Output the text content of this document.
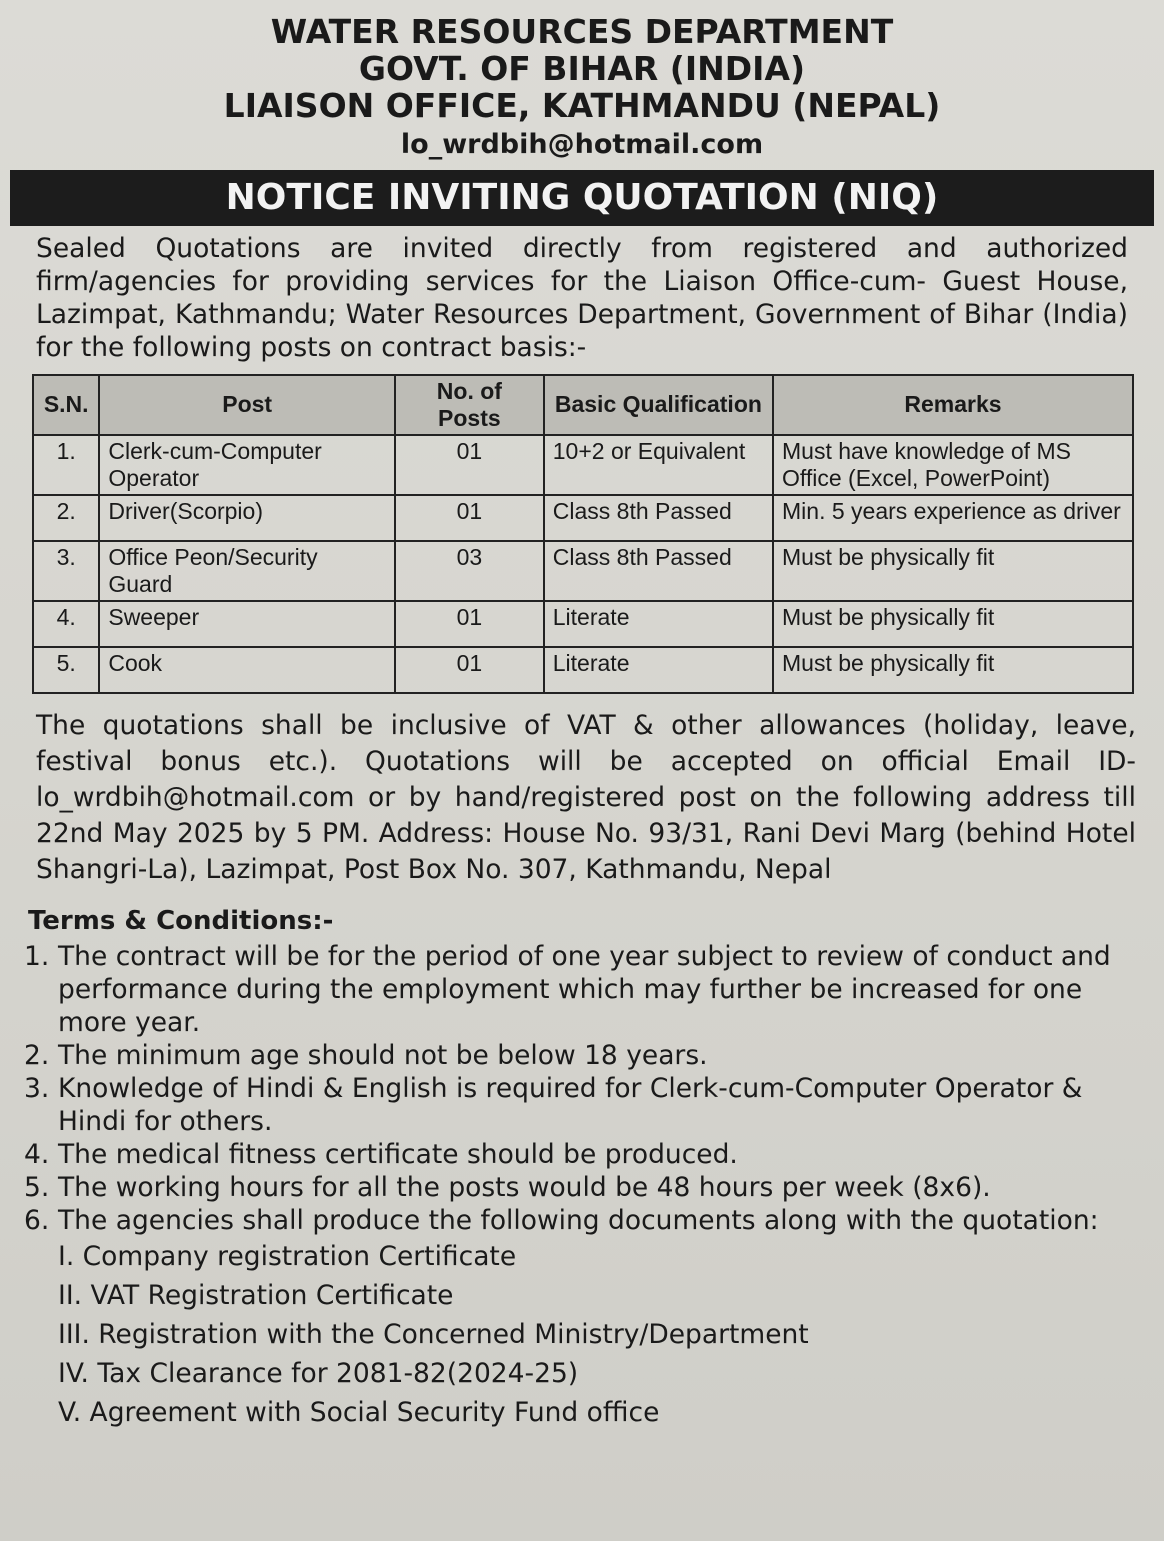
WATER RESOURCES DEPARTMENT
GOVT. OF BIHAR (INDIA)
LIAISON OFFICE, KATHMANDU (NEPAL)
lo_wrdbih@hotmail.com
NOTICE INVITING QUOTATION (NIQ)

Sealed Quotations are invited directly from registered and authorized firm/agencies for providing services for the Liaison Office-cum- Guest House, Lazimpat, Kathmandu; Water Resources Department, Government of Bihar (India) for the following posts on contract basis:-

S.N.	Post	No. of Posts	Basic Qualification	Remarks
1.	Clerk-cum-Computer Operator	01	10+2 or Equivalent	Must have knowledge of MS Office (Excel, PowerPoint)
2.	Driver(Scorpio)	01	Class 8th Passed	Min. 5 years experience as driver
3.	Office Peon/Security Guard	03	Class 8th Passed	Must be physically fit
4.	Sweeper	01	Literate	Must be physically fit
5.	Cook	01	Literate	Must be physically fit

The quotations shall be inclusive of VAT & other allowances (holiday, leave, festival bonus etc.). Quotations will be accepted on official Email ID- lo_wrdbih@hotmail.com or by hand/registered post on the following address till 22nd May 2025 by 5 PM. Address: House No. 93/31, Rani Devi Marg (behind Hotel Shangri-La), Lazimpat, Post Box No. 307, Kathmandu, Nepal

Terms & Conditions:-
1. The contract will be for the period of one year subject to review of conduct and performance during the employment which may further be increased for one more year.
2. The minimum age should not be below 18 years.
3. Knowledge of Hindi & English is required for Clerk-cum-Computer Operator & Hindi for others.
4. The medical fitness certificate should be produced.
5. The working hours for all the posts would be 48 hours per week (8x6).
6. The agencies shall produce the following documents along with the quotation:
I. Company registration Certificate
II. VAT Registration Certificate
III. Registration with the Concerned Ministry/Department
IV. Tax Clearance for 2081-82(2024-25)
V. Agreement with Social Security Fund office
